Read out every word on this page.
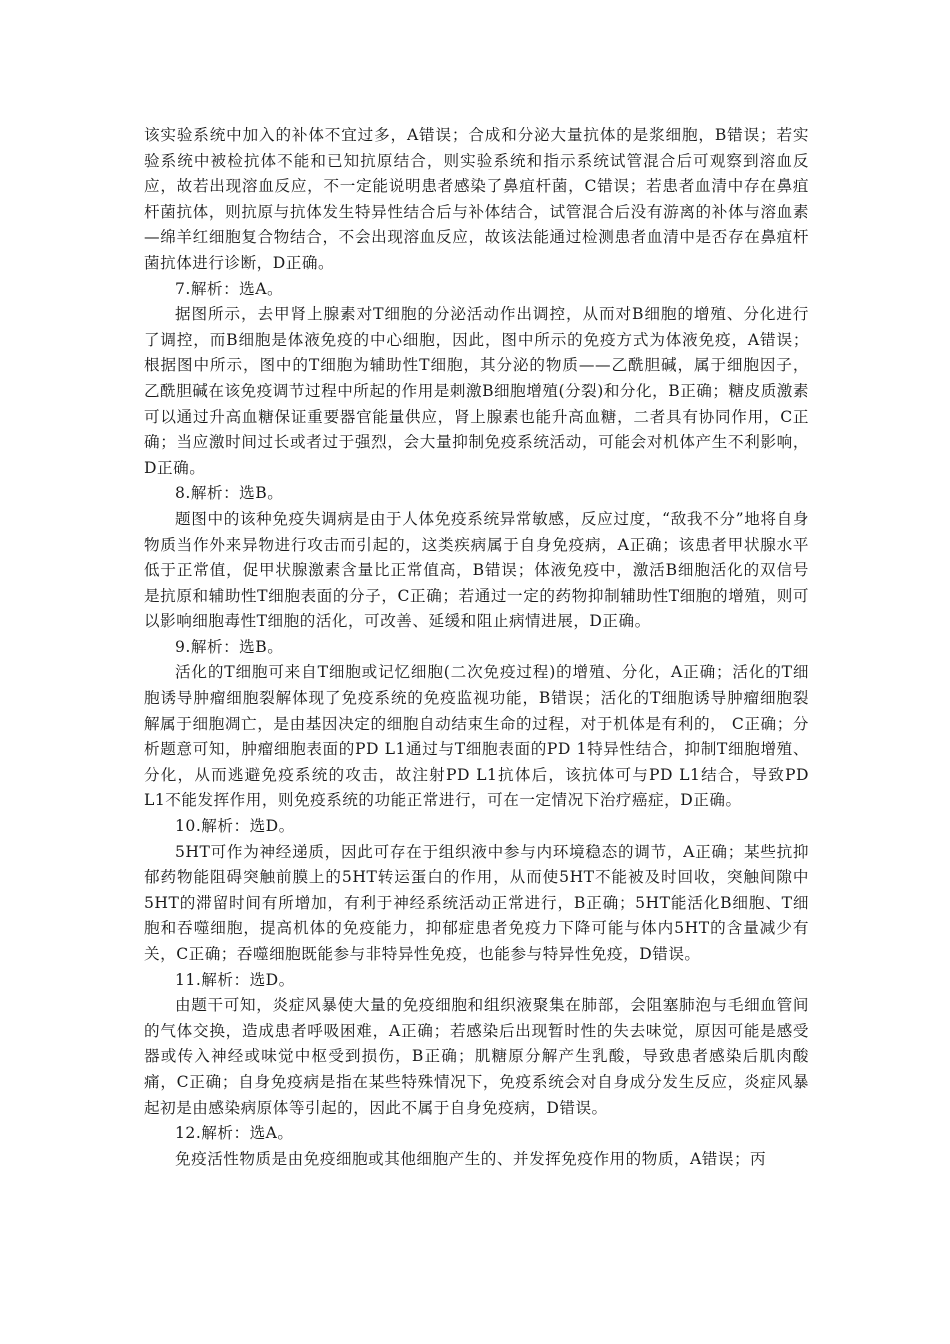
该实验系统中加入的补体不宜过多，A错误；合成和分泌大量抗体的是浆细胞，B错误；若实验系统中被检抗体不能和已知抗原结合，则实验系统和指示系统试管混合后可观察到溶血反应，故若出现溶血反应，不一定能说明患者感染了鼻疽杆菌，C错误；若患者血清中存在鼻疽杆菌抗体，则抗原与抗体发生特异性结合后与补体结合，试管混合后没有游离的补体与溶血素—绵羊红细胞复合物结合，不会出现溶血反应，故该法能通过检测患者血清中是否存在鼻疽杆菌抗体进行诊断，D正确。

7.解析：选A。

据图所示，去甲肾上腺素对T细胞的分泌活动作出调控，从而对B细胞的增殖、分化进行了调控，而B细胞是体液免疫的中心细胞，因此，图中所示的免疫方式为体液免疫，A错误；根据图中所示，图中的T细胞为辅助性T细胞，其分泌的物质——乙酰胆碱，属于细胞因子，乙酰胆碱在该免疫调节过程中所起的作用是刺激B细胞增殖(分裂)和分化，B正确；糖皮质激素可以通过升高血糖保证重要器官能量供应，肾上腺素也能升高血糖，二者具有协同作用，C正确；当应激时间过长或者过于强烈，会大量抑制免疫系统活动，可能会对机体产生不利影响，D正确。

8.解析：选B。

题图中的该种免疫失调病是由于人体免疫系统异常敏感，反应过度，“敌我不分”地将自身物质当作外来异物进行攻击而引起的，这类疾病属于自身免疫病，A正确；该患者甲状腺水平低于正常值，促甲状腺激素含量比正常值高，B错误；体液免疫中，激活B细胞活化的双信号是抗原和辅助性T细胞表面的分子，C正确；若通过一定的药物抑制辅助性T细胞的增殖，则可以影响细胞毒性T细胞的活化，可改善、延缓和阻止病情进展，D正确。

9.解析：选B。

活化的T细胞可来自T细胞或记忆细胞(二次免疫过程)的增殖、分化，A正确；活化的T细胞诱导肿瘤细胞裂解体现了免疫系统的免疫监视功能，B错误；活化的T细胞诱导肿瘤细胞裂解属于细胞凋亡，是由基因决定的细胞自动结束生命的过程，对于机体是有利的， C正确；分析题意可知，肿瘤细胞表面的PD L1通过与T细胞表面的PD 1特异性结合，抑制T细胞增殖、分化，从而逃避免疫系统的攻击，故注射PD L1抗体后，该抗体可与PD L1结合，导致PD L1不能发挥作用，则免疫系统的功能正常进行，可在一定情况下治疗癌症，D正确。

10.解析：选D。

5HT可作为神经递质，因此可存在于组织液中参与内环境稳态的调节，A正确；某些抗抑郁药物能阻碍突触前膜上的5HT转运蛋白的作用，从而使5HT不能被及时回收，突触间隙中5HT的滞留时间有所增加，有利于神经系统活动正常进行，B正确；5HT能活化B细胞、T细胞和吞噬细胞，提高机体的免疫能力，抑郁症患者免疫力下降可能与体内5HT的含量减少有关，C正确；吞噬细胞既能参与非特异性免疫，也能参与特异性免疫，D错误。

11.解析：选D。

由题干可知，炎症风暴使大量的免疫细胞和组织液聚集在肺部，会阻塞肺泡与毛细血管间的气体交换，造成患者呼吸困难，A正确；若感染后出现暂时性的失去味觉，原因可能是感受器或传入神经或味觉中枢受到损伤，B正确；肌糖原分解产生乳酸，导致患者感染后肌肉酸痛，C正确；自身免疫病是指在某些特殊情况下，免疫系统会对自身成分发生反应，炎症风暴起初是由感染病原体等引起的，因此不属于自身免疫病，D错误。

12.解析：选A。

免疫活性物质是由免疫细胞或其他细胞产生的、并发挥免疫作用的物质，A错误；丙
